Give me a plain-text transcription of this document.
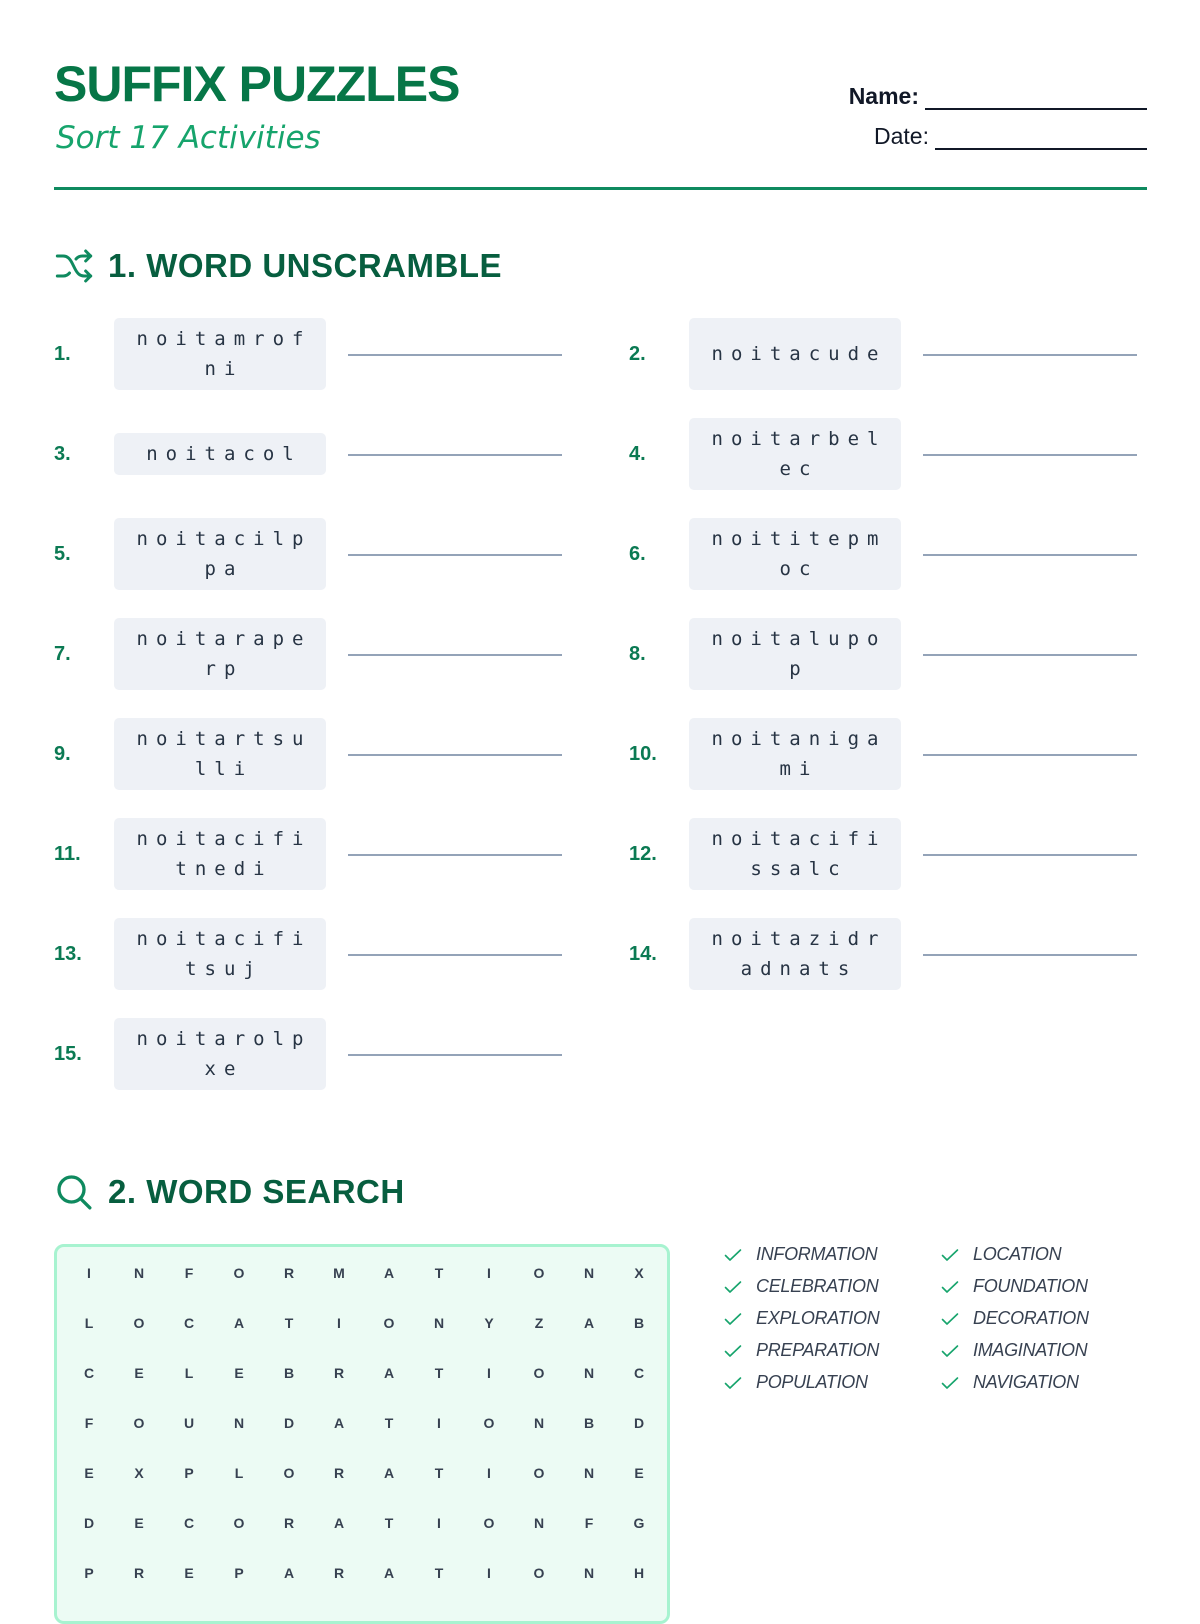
SUFFIX PUZZLES
Sort 17 Activities
Name:
Date:
1. WORD UNSCRAMBLE
1.
noitamrofni
2.	noitacude
3.	noitacol	4.
noitarbelec
5.
noitacilppa
6.
noititepmoc
7.
noitaraperp
8.
noitalupop
9.
noitartsulli
10.
noitanigami
11.
noitacifitnedi
12.
noitacifissalc
13.
noitacifitsuj
14.
noitazidradnats
15.
noitarolpxe
2. WORD SEARCH
I	N	F	O	R	M	A	T	I	O	N	X
L	O	C	A	T	I	O	N	Y	Z	A	B
C	E	L	E	B	R	A	T	I	O	N	C
F	O	U	N	D	A	T	I	O	N	B	D
E	X	P	L	O	R	A	T	I	O	N	E
D	E	C	O	R	A	T	I	O	N	F	G
P	R	E	P	A	R	A	T	I	O	N	H
INFORMATION	LOCATION
CELEBRATION	FOUNDATION
EXPLORATION	DECORATION
PREPARATION	IMAGINATION
POPULATION	NAVIGATION
